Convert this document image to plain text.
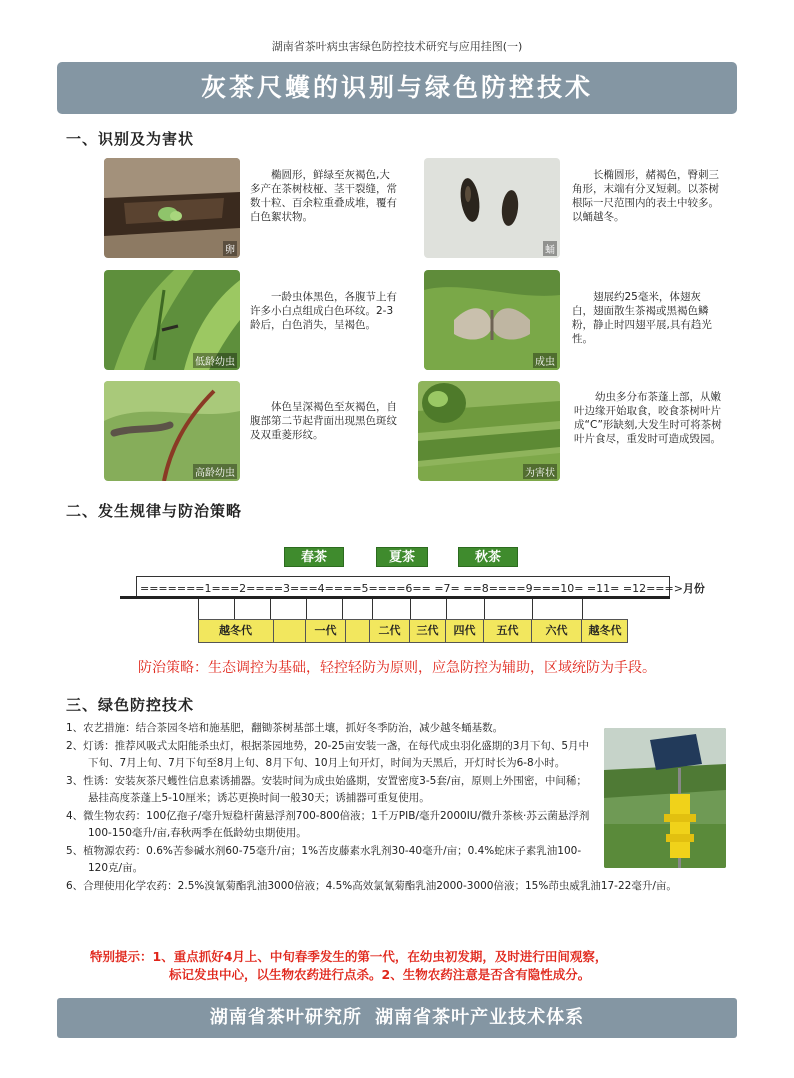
湖南省茶叶病虫害绿色防控技术研究与应用挂图(一)
灰茶尺蠖的识别与绿色防控技术
一、识别及为害状
卵
椭圆形，鲜绿至灰褐色,大多产在茶树枝桠、茎干裂缝，常数十粒、百余粒重叠成堆，覆有白色絮状物。
蛹
长椭圆形，赭褐色，臀刺三角形，末端有分叉短刺。以茶树根际一尺范围内的表土中较多。以蛹越冬。
低龄幼虫
一龄虫体黑色，各腹节上有许多小白点组成白色环纹。2-3龄后，白色消失，呈褐色。
成虫
翅展约25毫米，体翅灰白，翅面散生茶褐或黑褐色鳞粉，静止时四翅平展,具有趋光性。
高龄幼虫
体色呈深褐色至灰褐色，自腹部第二节起背面出现黑色斑纹及双重菱形纹。
为害状
幼虫多分布茶蓬上部，从嫩叶边缘开始取食，咬食茶树叶片成“C”形缺刻,大发生时可将茶树叶片食尽，重发时可造成毁园。
二、发生规律与防治策略
春茶	夏茶	秋茶
=======1===2====3===4====5====6== =7= ==8====9===10= =11= =12===>月份
越冬代	一代	二代	三代	四代	五代	六代	越冬代
防治策略：生态调控为基础，轻控轻防为原则，应急防控为辅助，区域统防为手段。
三、绿色防控技术
1、农艺措施：结合茶园冬培和施基肥，翻锄茶树基部土壤，抓好冬季防治，减少越冬蛹基数。
2、灯诱：推荐风吸式太阳能杀虫灯，根据茶园地势，20-25亩安装一盏，在每代成虫羽化盛期的3月下旬、5月中下旬、7月上旬、7月下旬至8月上旬、8月下旬、10月上旬开灯，时间为天黑后，开灯时长为6-8小时。
3、性诱：安装灰茶尺蠖性信息素诱捕器。安装时间为成虫始盛期，安置密度3-5套/亩，原则上外围密，中间稀；悬挂高度茶蓬上5-10厘米；诱芯更换时间一般30天；诱捕器可重复使用。
4、微生物农药：100亿孢子/毫升短稳杆菌悬浮剂700-800倍液；1千万PIB/毫升2000IU/微升茶核·苏云菌悬浮剂100-150毫升/亩,春秋两季在低龄幼虫期使用。
5、植物源农药：0.6%苦参碱水剂60-75毫升/亩；1%苦皮藤素水乳剂30-40毫升/亩；0.4%蛇床子素乳油100-120克/亩。
6、合理使用化学农药：2.5%溴氰菊酯乳油3000倍液；4.5%高效氯氰菊酯乳油2000-3000倍液；15%茚虫威乳油17-22毫升/亩。
特别提示：1、重点抓好4月上、中旬春季发生的第一代，在幼虫初发期，及时进行田间观察，
标记发虫中心，以生物农药进行点杀。2、生物农药注意是否含有隐性成分。
湖南省茶叶研究所 湖南省茶叶产业技术体系
